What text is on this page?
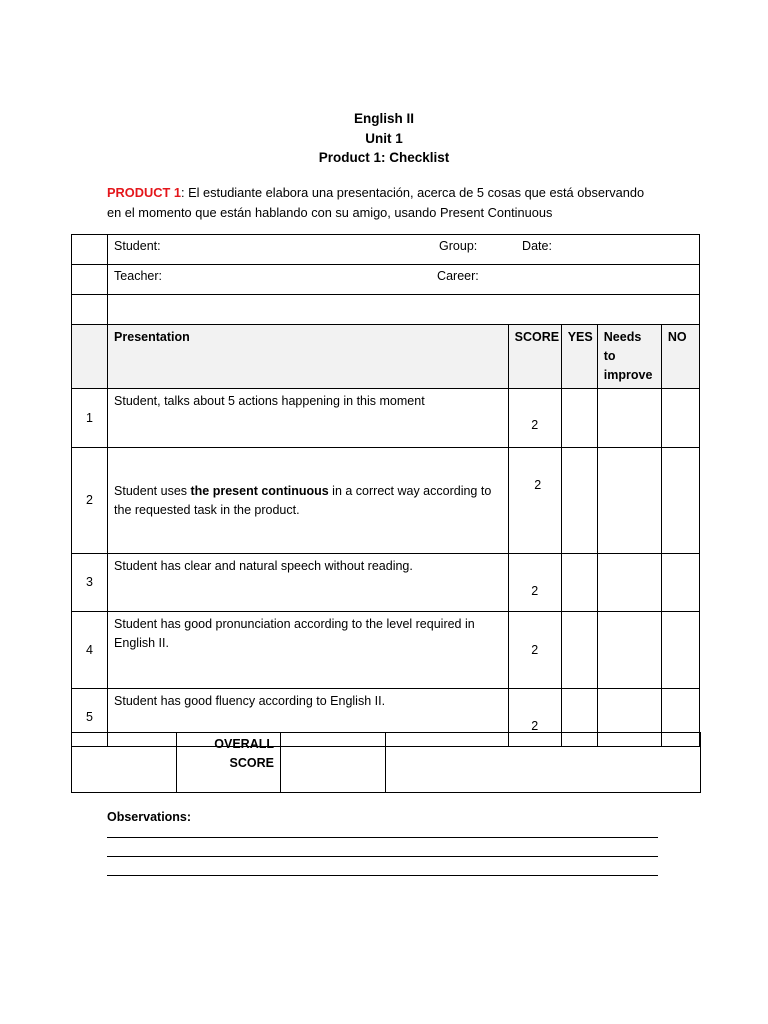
English II
Unit 1
Product 1: Checklist
PRODUCT 1: El estudiante elabora una presentación, acerca de 5 cosas que está observando
en el momento que están hablando con su amigo, usando Present Continuous

	Student: Group: Date:				

	Teacher: Career:				

	Presentation	SCORE	YES	Needs to
improve	NO
1	Student, talks about 5 actions happening in this moment	2			
2	Student uses the present continuous in a correct way according to the requested task in the product.	2			
3	Student has clear and natural speech without reading.	2			
4	Student has good pronunciation according to the level required in English II.	2			
5	Student has good fluency according to English II.	2			
	OVERALL
SCORE		
Observations:
